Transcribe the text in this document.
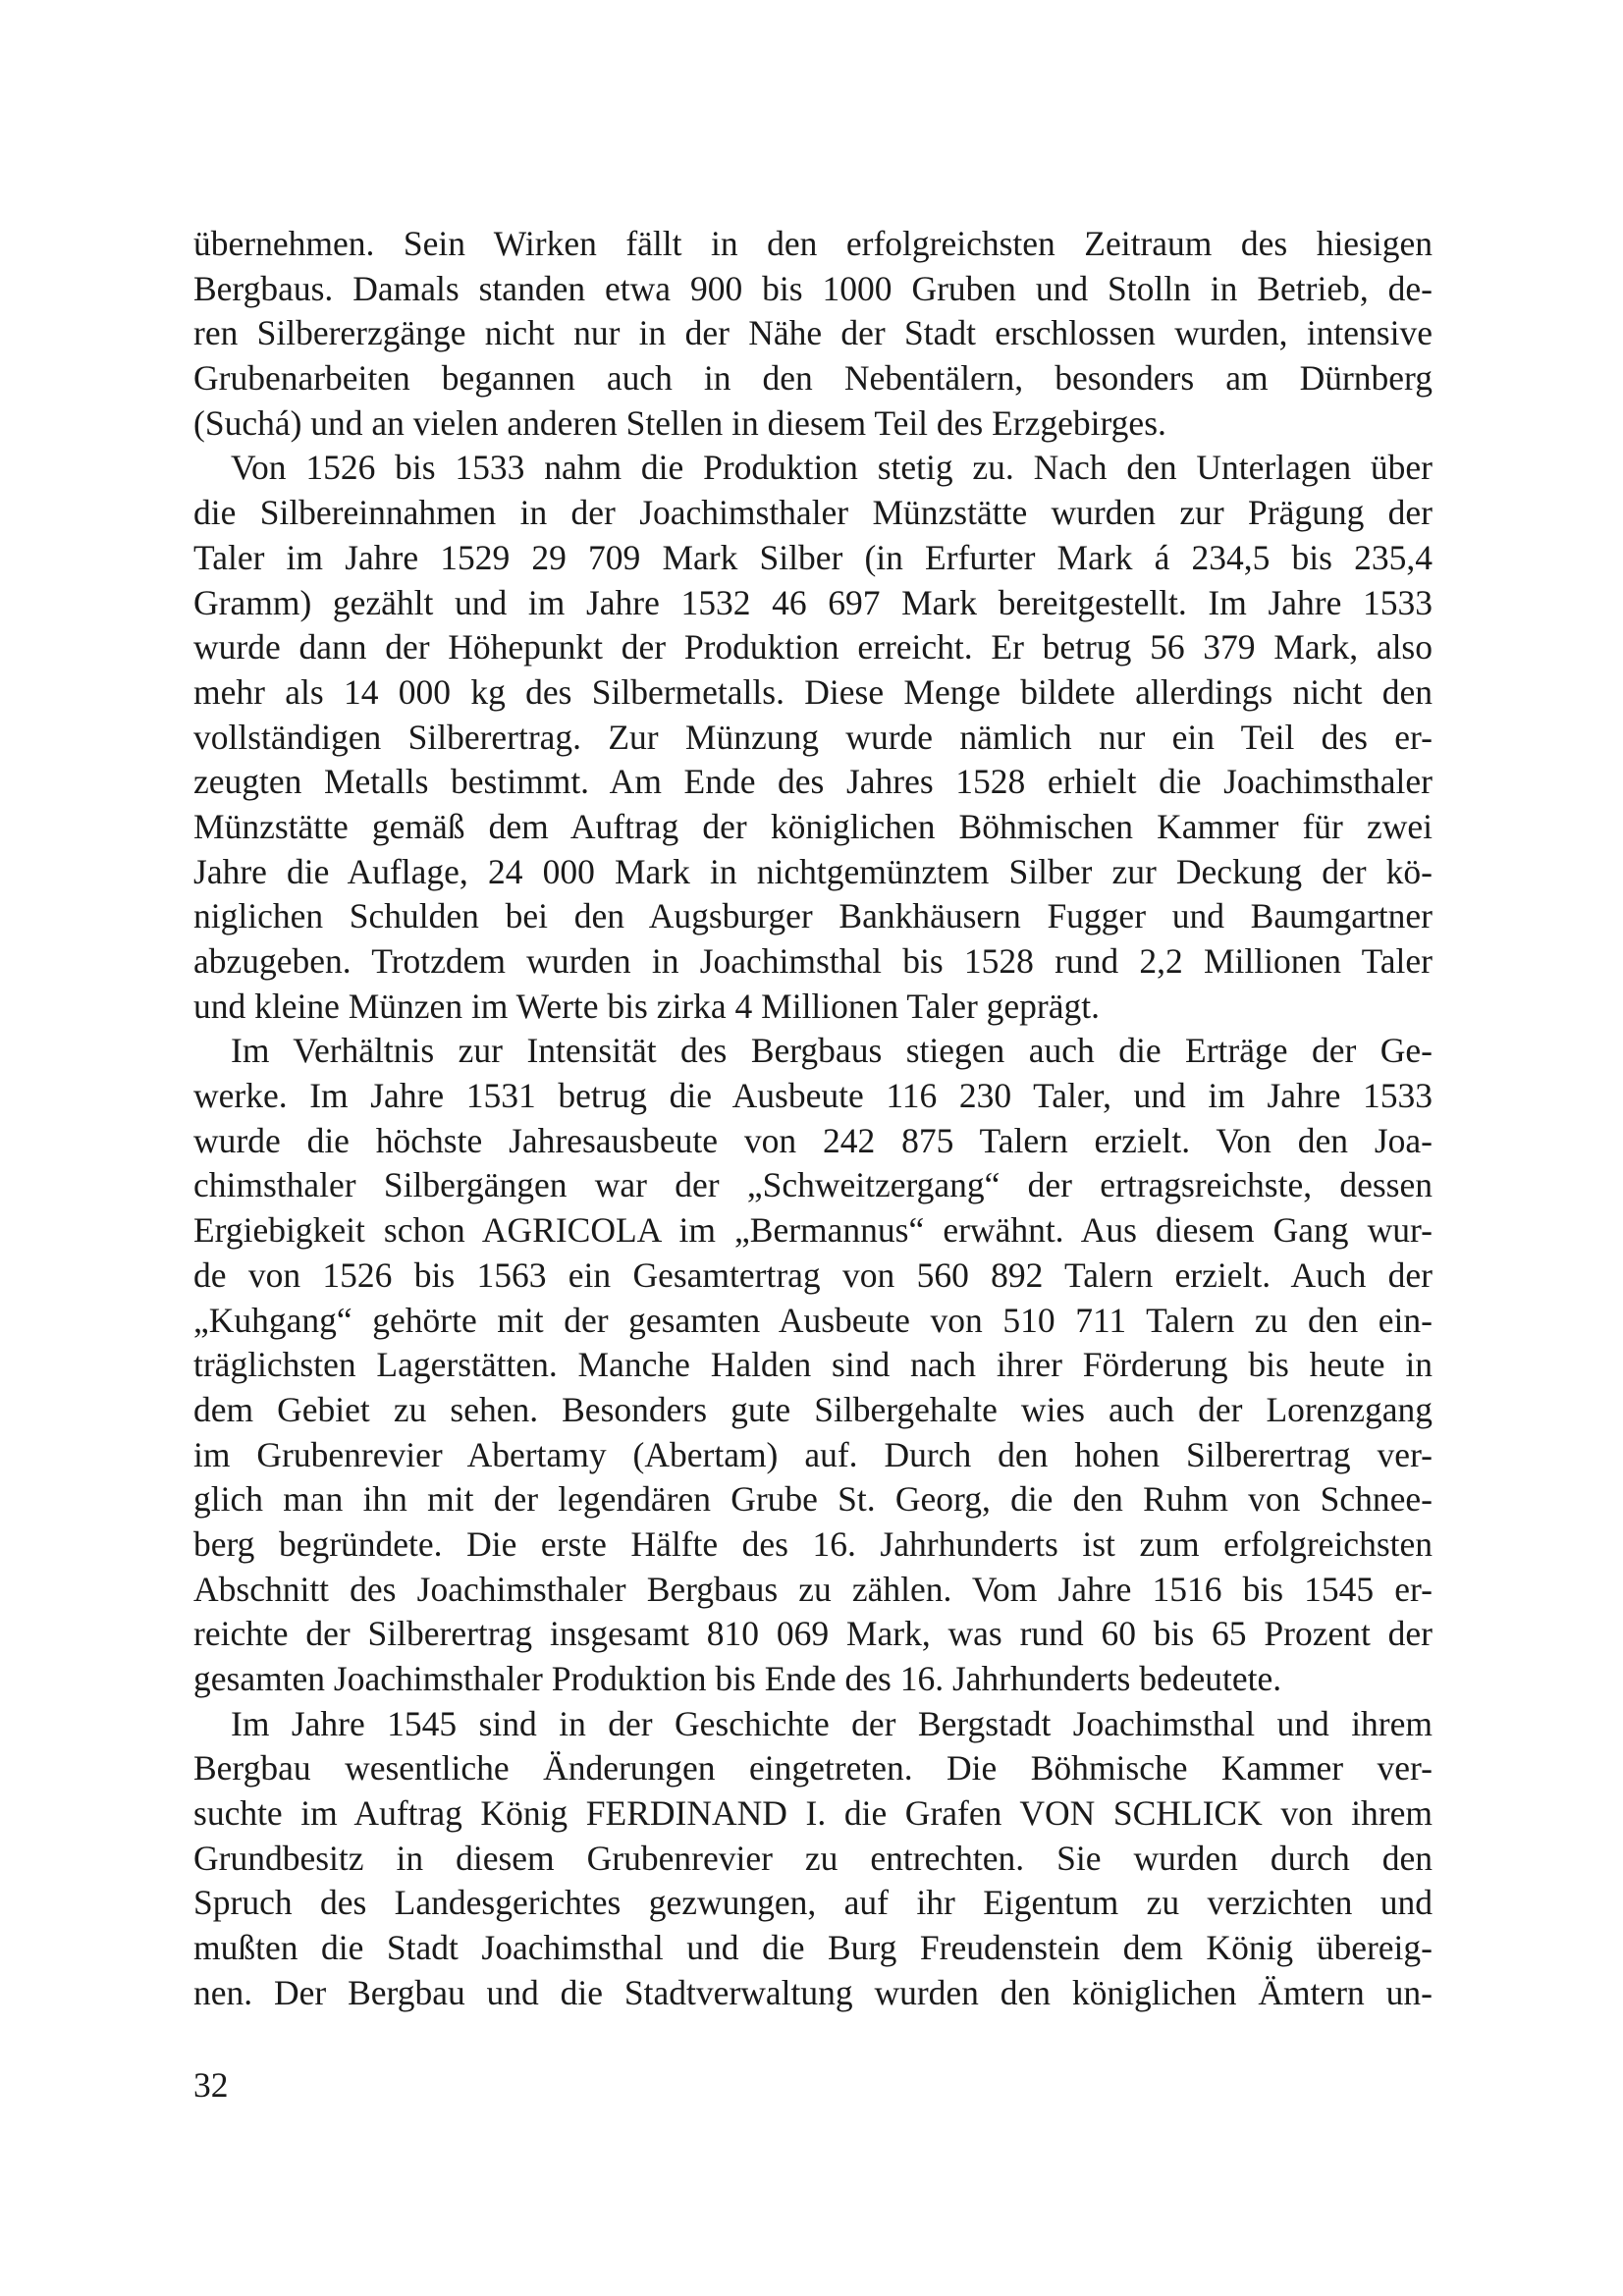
übernehmen. Sein Wirken fällt in den erfolgreichsten Zeitraum des hiesigen
Bergbaus. Damals standen etwa 900 bis 1000 Gruben und Stolln in Betrieb, de-
ren Silbererzgänge nicht nur in der Nähe der Stadt erschlossen wurden, intensive
Grubenarbeiten begannen auch in den Nebentälern, besonders am Dürnberg
(Suchá) und an vielen anderen Stellen in diesem Teil des Erzgebirges.
Von 1526 bis 1533 nahm die Produktion stetig zu. Nach den Unterlagen über
die Silbereinnahmen in der Joachimsthaler Münzstätte wurden zur Prägung der
Taler im Jahre 1529 29 709 Mark Silber (in Erfurter Mark á 234,5 bis 235,4
Gramm) gezählt und im Jahre 1532 46 697 Mark bereitgestellt. Im Jahre 1533
wurde dann der Höhepunkt der Produktion erreicht. Er betrug 56 379 Mark, also
mehr als 14 000 kg des Silbermetalls. Diese Menge bildete allerdings nicht den
vollständigen Silberertrag. Zur Münzung wurde nämlich nur ein Teil des er-
zeugten Metalls bestimmt. Am Ende des Jahres 1528 erhielt die Joachimsthaler
Münzstätte gemäß dem Auftrag der königlichen Böhmischen Kammer für zwei
Jahre die Auflage, 24 000 Mark in nichtgemünztem Silber zur Deckung der kö-
niglichen Schulden bei den Augsburger Bankhäusern Fugger und Baumgartner
abzugeben. Trotzdem wurden in Joachimsthal bis 1528 rund 2,2 Millionen Taler
und kleine Münzen im Werte bis zirka 4 Millionen Taler geprägt.
Im Verhältnis zur Intensität des Bergbaus stiegen auch die Erträge der Ge-
werke. Im Jahre 1531 betrug die Ausbeute 116 230 Taler, und im Jahre 1533
wurde die höchste Jahresausbeute von 242 875 Talern erzielt. Von den Joa-
chimsthaler Silbergängen war der „Schweitzergang“ der ertragsreichste, dessen
Ergiebigkeit schon AGRICOLA im „Bermannus“ erwähnt. Aus diesem Gang wur-
de von 1526 bis 1563 ein Gesamtertrag von 560 892 Talern erzielt. Auch der
„Kuhgang“ gehörte mit der gesamten Ausbeute von 510 711 Talern zu den ein-
träglichsten Lagerstätten. Manche Halden sind nach ihrer Förderung bis heute in
dem Gebiet zu sehen. Besonders gute Silbergehalte wies auch der Lorenzgang
im Grubenrevier Abertamy (Abertam) auf. Durch den hohen Silberertrag ver-
glich man ihn mit der legendären Grube St. Georg, die den Ruhm von Schnee-
berg begründete. Die erste Hälfte des 16. Jahrhunderts ist zum erfolgreichsten
Abschnitt des Joachimsthaler Bergbaus zu zählen. Vom Jahre 1516 bis 1545 er-
reichte der Silberertrag insgesamt 810 069 Mark, was rund 60 bis 65 Prozent der
gesamten Joachimsthaler Produktion bis Ende des 16. Jahrhunderts bedeutete.
Im Jahre 1545 sind in der Geschichte der Bergstadt Joachimsthal und ihrem
Bergbau wesentliche Änderungen eingetreten. Die Böhmische Kammer ver-
suchte im Auftrag König FERDINAND I. die Grafen VON SCHLICK von ihrem
Grundbesitz in diesem Grubenrevier zu entrechten. Sie wurden durch den
Spruch des Landesgerichtes gezwungen, auf ihr Eigentum zu verzichten und
mußten die Stadt Joachimsthal und die Burg Freudenstein dem König übereig-
nen. Der Bergbau und die Stadtverwaltung wurden den königlichen Ämtern un-
32
